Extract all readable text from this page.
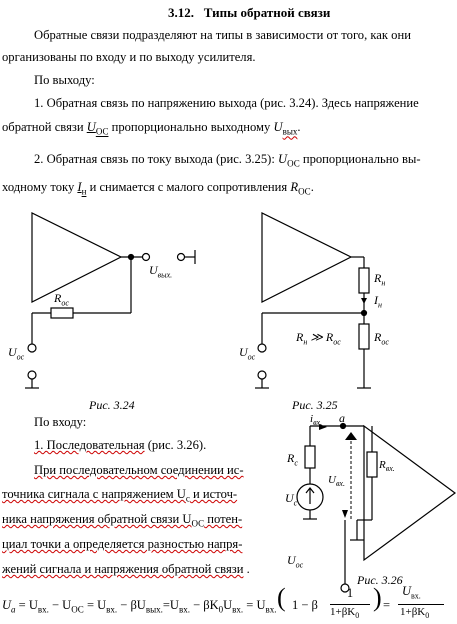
3.12. Типы обратной связи
Обратные связи подразделяют на типы в зависимости от того, как они
организованы по входу и по выходу усилителя.
По выходу:
1. Обратная связь по напряжению выхода (рис. 3.24). Здесь напряжение
обратной связи $U_{ОС}$ пропорционально выходному $U_{вых}$.
2. Обратная связь по току выхода (рис. 3.25): $U_{ОС}$ пропорционально вы-
ходному току $I_н$ и снимается с малого сопротивления $R_{ОС}$.
$U_{вых.}$
$R_{ос}$
$U_{ос}$
Рис. 3.24
$R_н$
$I_н$
$R_н$ ≫ $R_{ос}$	$R_{ос}$
$U_{ос}$
Рис. 3.25
По входу:
1. Последовательная (рис. 3.26).
При последовательном соединении ис-
точника сигнала с напряжением $U_с$ и источ-
ника напряжения обратной связи $U_{ОС}$ потен-
циал точки a определяется разностью напря-
жений сигнала и напряжения обратной связи .
$i_{вх.}$ a
$R_с$
$U_{вх.}$
$R_{вх.}$
$U_с$
$U_{ос}$
Рис. 3.26
$U_a = U_{вх.} - U_{ОС} = U_{вх.} - \beta U_{вых.}=U_{вх.} - \beta K_0U_{вх.} = U_{вх.}$ ( 1 − β
1
$1+\beta K_0$
) =
$U_{вх.}$
$1+\beta K_0$
